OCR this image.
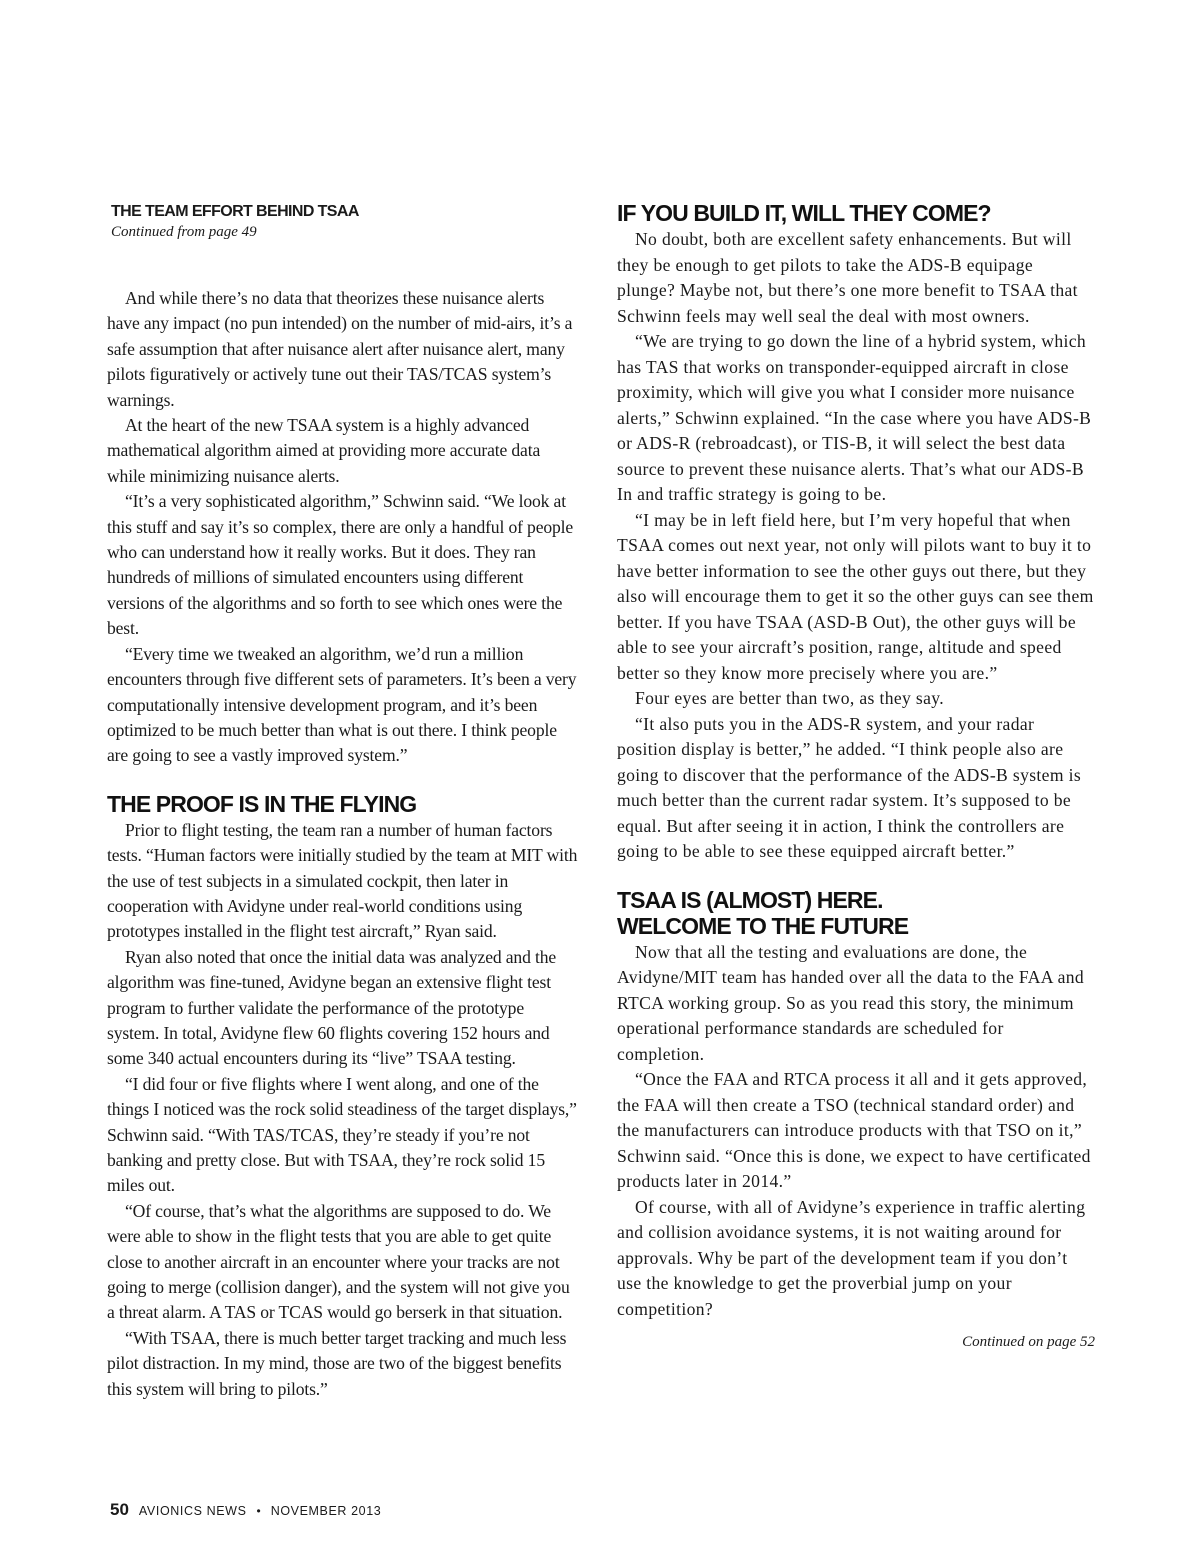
THE TEAM EFFORT BEHIND TSAA
Continued from page 49

And while there’s no data that theorizes these nuisance alerts have any impact (no pun intended) on the number of mid-airs, it’s a safe assumption that after nuisance alert after nuisance alert, many pilots figuratively or actively tune out their TAS/TCAS system’s warnings.

At the heart of the new TSAA system is a highly advanced mathematical algorithm aimed at providing more accurate data while minimizing nuisance alerts.

“It’s a very sophisticated algorithm,” Schwinn said. “We look at this stuff and say it’s so complex, there are only a handful of people who can understand how it really works. But it does. They ran hundreds of millions of simulated encounters using different versions of the algorithms and so forth to see which ones were the best.

“Every time we tweaked an algorithm, we’d run a million encounters through five different sets of parameters. It’s been a very computationally intensive development program, and it’s been optimized to be much better than what is out there. I think people are going to see a vastly improved system.”

THE PROOF IS IN THE FLYING

Prior to flight testing, the team ran a number of human factors tests. “Human factors were initially studied by the team at MIT with the use of test subjects in a simulated cockpit, then later in cooperation with Avidyne under real-world conditions using prototypes installed in the flight test aircraft,” Ryan said.

Ryan also noted that once the initial data was analyzed and the algorithm was fine-tuned, Avidyne began an extensive flight test program to further validate the performance of the prototype system. In total, Avidyne flew 60 flights covering 152 hours and some 340 actual encounters during its “live” TSAA testing.

“I did four or five flights where I went along, and one of the things I noticed was the rock solid steadiness of the target displays,” Schwinn said. “With TAS/TCAS, they’re steady if you’re not banking and pretty close. But with TSAA, they’re rock solid 15 miles out.

“Of course, that’s what the algorithms are supposed to do. We were able to show in the flight tests that you are able to get quite close to another aircraft in an encounter where your tracks are not going to merge (collision danger), and the system will not give you a threat alarm. A TAS or TCAS would go berserk in that situation.

“With TSAA, there is much better target tracking and much less pilot distraction. In my mind, those are two of the biggest benefits this system will bring to pilots.”

IF YOU BUILD IT, WILL THEY COME?

No doubt, both are excellent safety enhancements. But will they be enough to get pilots to take the ADS-B equipage plunge? Maybe not, but there’s one more benefit to TSAA that Schwinn feels may well seal the deal with most owners.

“We are trying to go down the line of a hybrid system, which has TAS that works on transponder-equipped aircraft in close proximity, which will give you what I consider more nuisance alerts,” Schwinn explained. “In the case where you have ADS-B or ADS-R (rebroadcast), or TIS-B, it will select the best data source to prevent these nuisance alerts. That’s what our ADS-B In and traffic strategy is going to be.

“I may be in left field here, but I’m very hopeful that when TSAA comes out next year, not only will pilots want to buy it to have better information to see the other guys out there, but they also will encourage them to get it so the other guys can see them better. If you have TSAA (ASD-B Out), the other guys will be able to see your aircraft’s position, range, altitude and speed better so they know more precisely where you are.”

Four eyes are better than two, as they say.

“It also puts you in the ADS-R system, and your radar position display is better,” he added. “I think people also are going to discover that the performance of the ADS-B system is much better than the current radar system. It’s supposed to be equal. But after seeing it in action, I think the controllers are going to be able to see these equipped aircraft better.”

TSAA IS (ALMOST) HERE.
WELCOME TO THE FUTURE

Now that all the testing and evaluations are done, the Avidyne/MIT team has handed over all the data to the FAA and RTCA working group. So as you read this story, the minimum operational performance standards are scheduled for completion.

“Once the FAA and RTCA process it all and it gets approved, the FAA will then create a TSO (technical standard order) and the manufacturers can introduce products with that TSO on it,” Schwinn said. “Once this is done, we expect to have certificated products later in 2014.”

Of course, with all of Avidyne’s experience in traffic alerting and collision avoidance systems, it is not waiting around for approvals. Why be part of the development team if you don’t use the knowledge to get the proverbial jump on your competition?

Continued on page 52
50 AVIONICS NEWS • NOVEMBER 2013
